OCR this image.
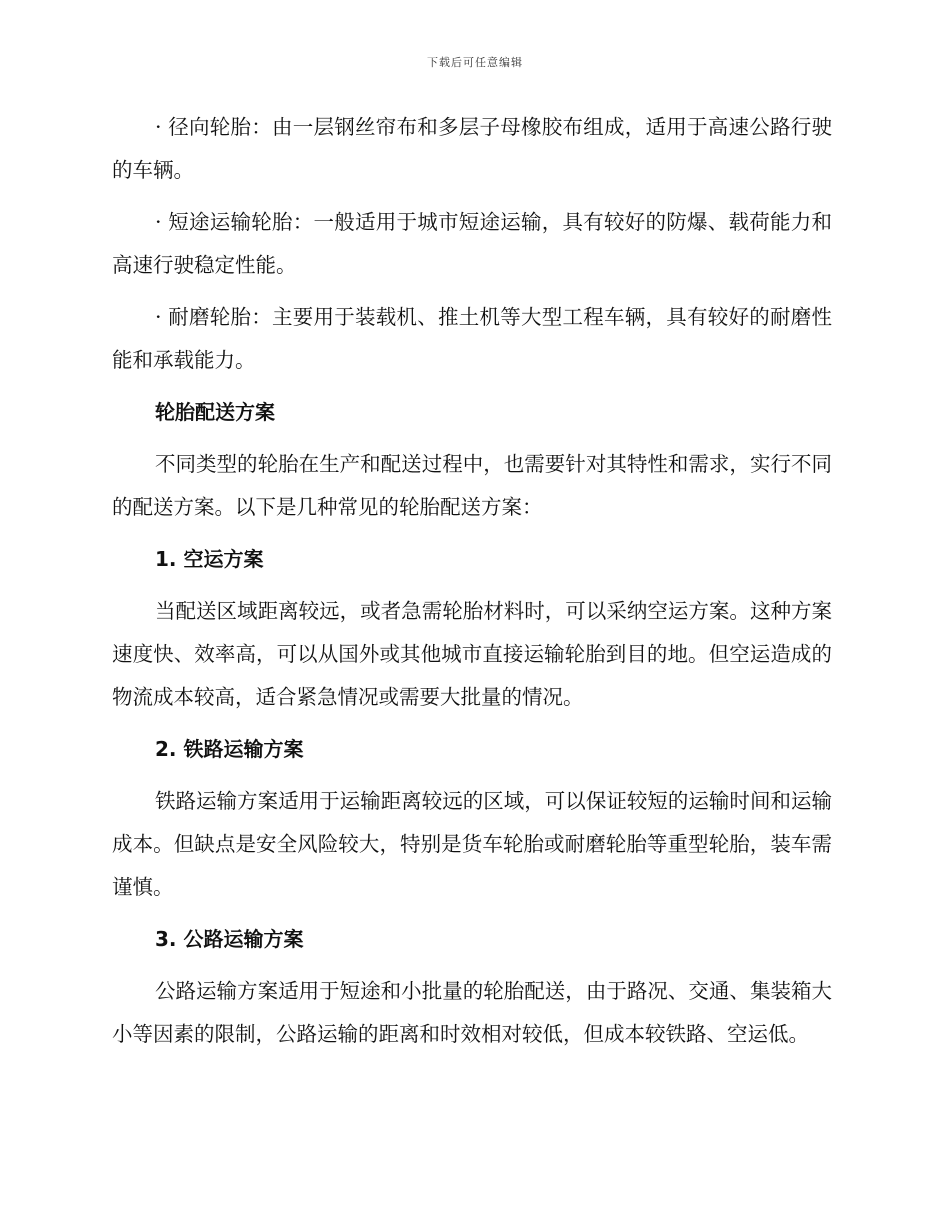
下载后可任意编辑

· 径向轮胎：由一层钢丝帘布和多层子母橡胶布组成，适用于高速公路行驶的车辆。

· 短途运输轮胎：一般适用于城市短途运输，具有较好的防爆、载荷能力和高速行驶稳定性能。

· 耐磨轮胎：主要用于装载机、推土机等大型工程车辆，具有较好的耐磨性能和承载能力。

轮胎配送方案

不同类型的轮胎在生产和配送过程中，也需要针对其特性和需求，实行不同的配送方案。以下是几种常见的轮胎配送方案：

1. 空运方案

当配送区域距离较远，或者急需轮胎材料时，可以采纳空运方案。这种方案速度快、效率高，可以从国外或其他城市直接运输轮胎到目的地。但空运造成的物流成本较高，适合紧急情况或需要大批量的情况。

2. 铁路运输方案

铁路运输方案适用于运输距离较远的区域，可以保证较短的运输时间和运输成本。但缺点是安全风险较大，特别是货车轮胎或耐磨轮胎等重型轮胎，装车需谨慎。

3. 公路运输方案

公路运输方案适用于短途和小批量的轮胎配送，由于路况、交通、集装箱大小等因素的限制，公路运输的距离和时效相对较低，但成本较铁路、空运低。
